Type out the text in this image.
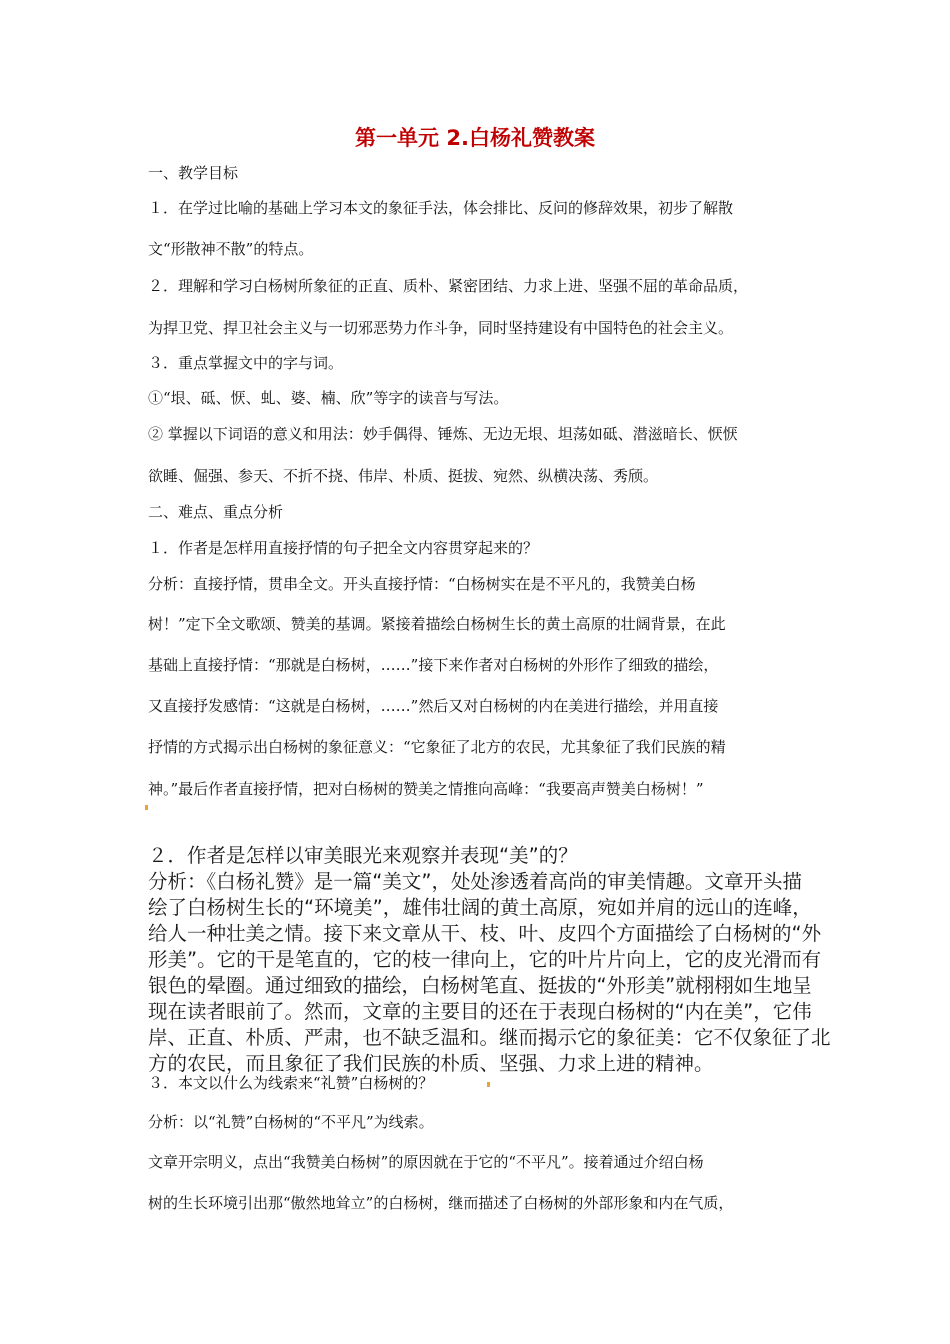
第一单元 2.白杨礼赞教案
一、教学目标
１．在学过比喻的基础上学习本文的象征手法，体会排比、反问的修辞效果，初步了解散
文“形散神不散”的特点。
２．理解和学习白杨树所象征的正直、质朴、紧密团结、力求上进、坚强不屈的革命品质，
为捍卫党、捍卫社会主义与一切邪恶势力作斗争，同时坚持建设有中国特色的社会主义。
３．重点掌握文中的字与词。
①“垠、砥、恹、虬、婆、楠、欣”等字的读音与写法。
② 掌握以下词语的意义和用法：妙手偶得、锤炼、无边无垠、坦荡如砥、潜滋暗长、恹恹
欲睡、倔强、参天、不折不挠、伟岸、朴质、挺拔、宛然、纵横决荡、秀颀。
二、难点、重点分析
１．作者是怎样用直接抒情的句子把全文内容贯穿起来的？
分析：直接抒情，贯串全文。开头直接抒情：“白杨树实在是不平凡的，我赞美白杨
树！”定下全文歌颂、赞美的基调。紧接着描绘白杨树生长的黄土高原的壮阔背景，在此
基础上直接抒情：“那就是白杨树，……”接下来作者对白杨树的外形作了细致的描绘，
又直接抒发感情：“这就是白杨树，……”然后又对白杨树的内在美进行描绘，并用直接
抒情的方式揭示出白杨树的象征意义：“它象征了北方的农民，尤其象征了我们民族的精
神。”最后作者直接抒情，把对白杨树的赞美之情推向高峰：“我要高声赞美白杨树！”
２．作者是怎样以审美眼光来观察并表现“美”的？
分析：《白杨礼赞》是一篇“美文”，处处渗透着高尚的审美情趣。文章开头描
绘了白杨树生长的“环境美”，雄伟壮阔的黄土高原，宛如并肩的远山的连峰，
给人一种壮美之情。接下来文章从干、枝、叶、皮四个方面描绘了白杨树的“外
形美”。它的干是笔直的，它的枝一律向上，它的叶片片向上，它的皮光滑而有
银色的晕圈。通过细致的描绘，白杨树笔直、挺拔的“外形美”就栩栩如生地呈
现在读者眼前了。然而，文章的主要目的还在于表现白杨树的“内在美”，它伟
岸、正直、朴质、严肃，也不缺乏温和。继而揭示它的象征美：它不仅象征了北
方的农民，而且象征了我们民族的朴质、坚强、力求上进的精神。
３．本文以什么为线索来“礼赞”白杨树的？
分析：以“礼赞”白杨树的“不平凡”为线索。
文章开宗明义，点出“我赞美白杨树”的原因就在于它的“不平凡”。接着通过介绍白杨
树的生长环境引出那“傲然地耸立”的白杨树，继而描述了白杨树的外部形象和内在气质，
